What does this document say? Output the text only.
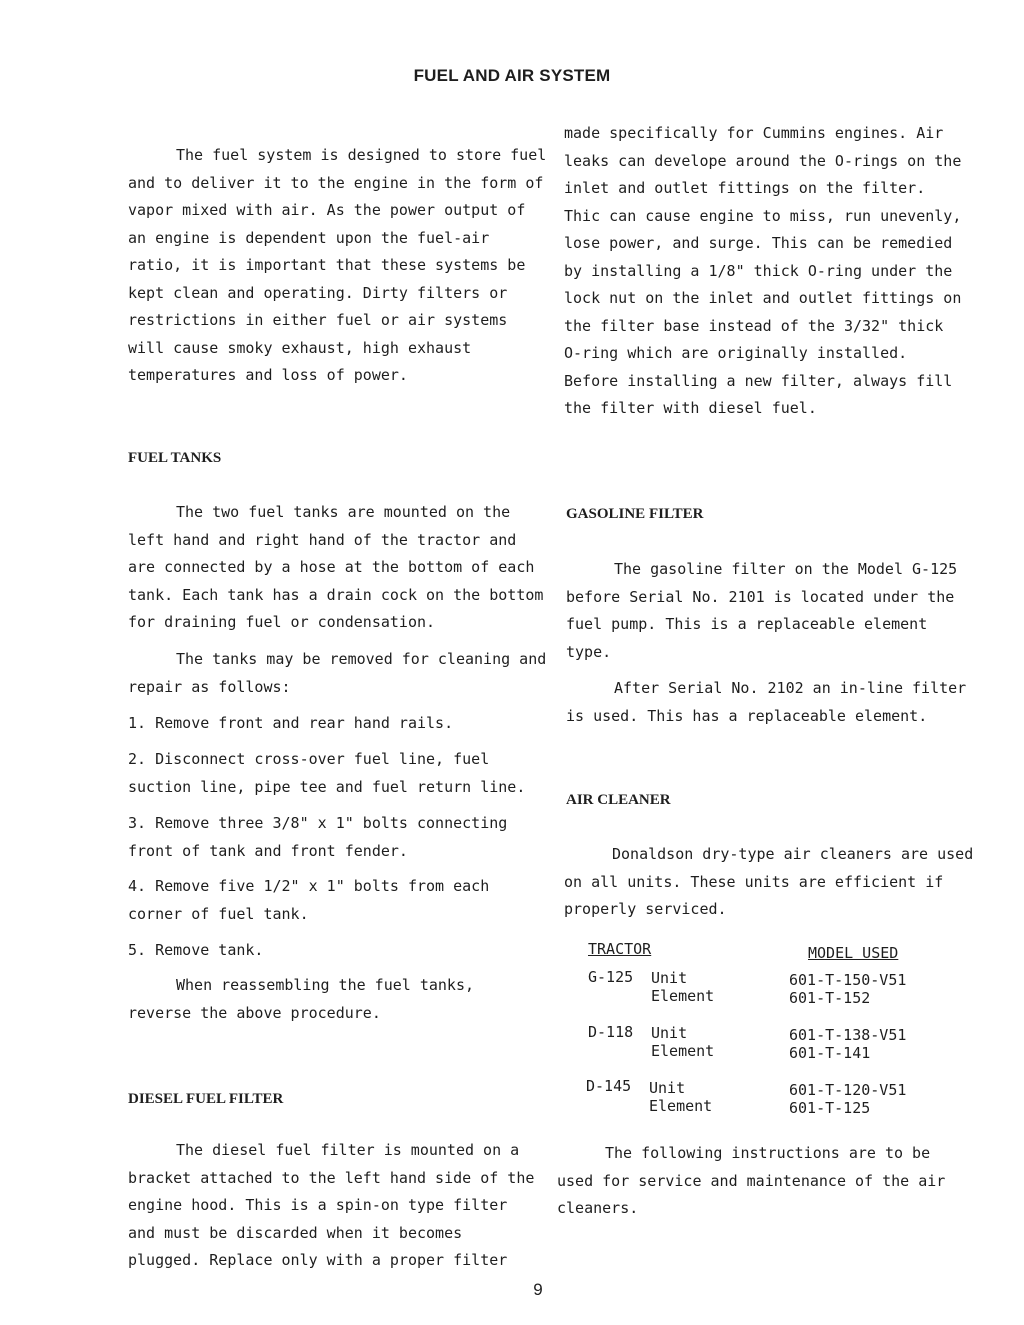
FUEL AND AIR SYSTEM

The fuel system is designed to store fuel and to deliver it to the engine in the form of vapor mixed with air. As the power output of an engine is dependent upon the fuel-air ratio, it is important that these systems be kept clean and operating. Dirty filters or restrictions in either fuel or air systems will cause smoky exhaust, high exhaust temperatures and loss of power.

FUEL TANKS

The two fuel tanks are mounted on the left hand and right hand of the tractor and are connected by a hose at the bottom of each tank. Each tank has a drain cock on the bottom for draining fuel or condensation.

The tanks may be removed for cleaning and repair as follows:

1. Remove front and rear hand rails.

2. Disconnect cross-over fuel line, fuel suction line, pipe tee and fuel return line.

3. Remove three 3/8" x 1" bolts connecting front of tank and front fender.

4. Remove five 1/2" x 1" bolts from each corner of fuel tank.

5. Remove tank.

When reassembling the fuel tanks, reverse the above procedure.

DIESEL FUEL FILTER

The diesel fuel filter is mounted on a bracket attached to the left hand side of the engine hood. This is a spin-on type filter and must be discarded when it becomes plugged. Replace only with a proper filter

made specifically for Cummins engines. Air leaks can develope around the O-rings on the inlet and outlet fittings on the filter. Thic can cause engine to miss, run unevenly, lose power, and surge. This can be remedied by installing a 1/8" thick O-ring under the lock nut on the inlet and outlet fittings on the filter base instead of the 3/32" thick O-ring which are originally installed. Before installing a new filter, always fill the filter with diesel fuel.

GASOLINE FILTER

The gasoline filter on the Model G-125 before Serial No. 2101 is located under the fuel pump. This is a replaceable element type.

After Serial No. 2102 an in-line filter is used. This has a replaceable element.

AIR CLEANER

Donaldson dry-type air cleaners are used on all units. These units are efficient if properly serviced.

TRACTOR	MODEL USED
G-125 Unit
Element
601-T-150-V51
601-T-152
D-118 Unit
Element
601-T-138-V51
601-T-141
D-145 Unit
Element
601-T-120-V51
601-T-125

The following instructions are to be used for service and maintenance of the air cleaners.

9
